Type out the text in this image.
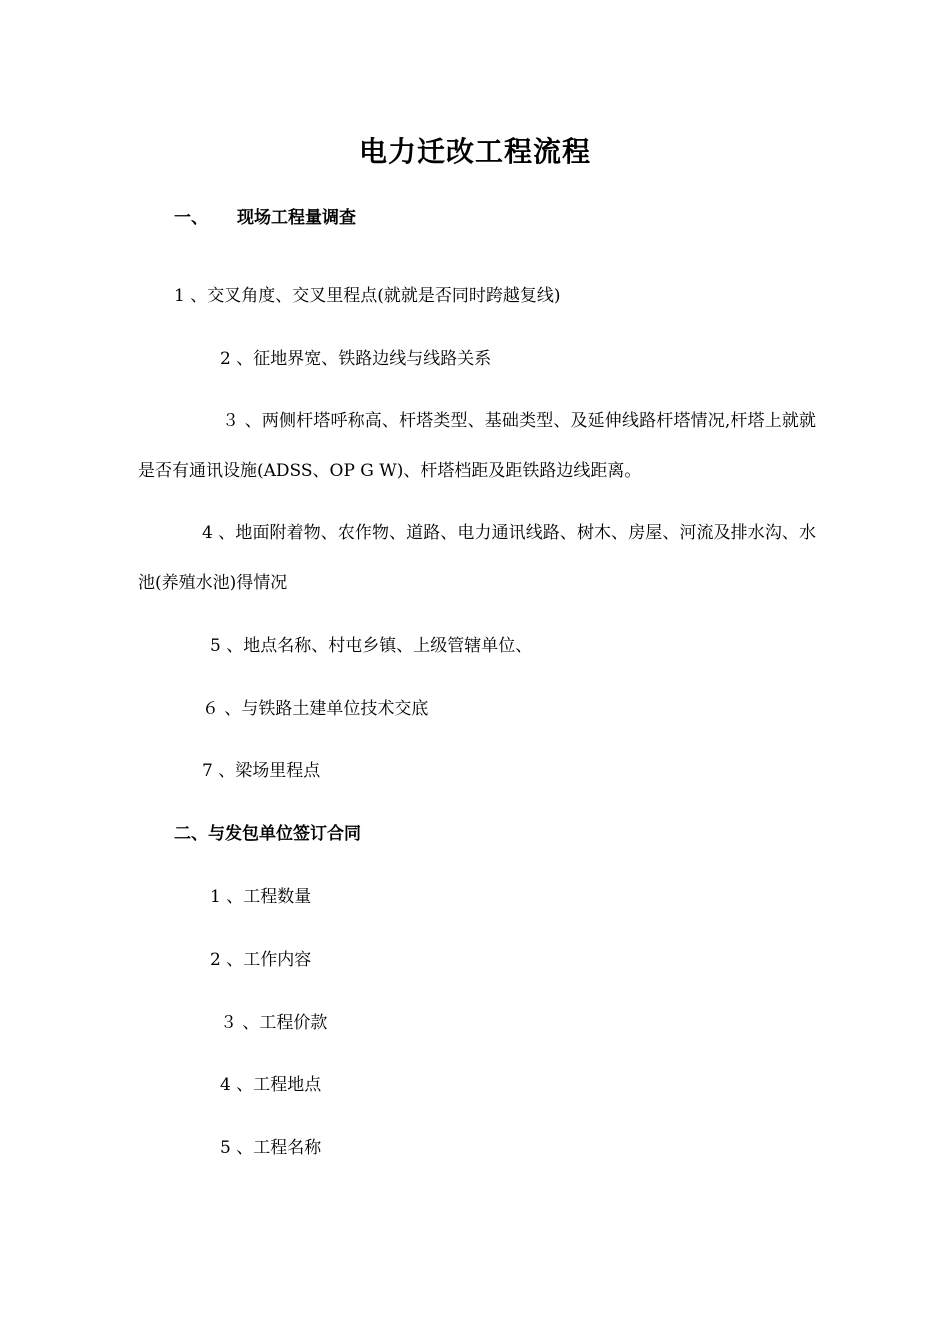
电力迁改工程流程
一、 现场工程量调查
1 、交叉角度、交叉里程点(就就是否同时跨越复线)
2 、征地界宽、铁路边线与线路关系
３ 、两侧杆塔呼称高、杆塔类型、基础类型、及延伸线路杆塔情况,杆塔上就就是否有通讯设施(ADSS、OP G W)、杆塔档距及距铁路边线距离。
4 、地面附着物、农作物、道路、电力通讯线路、树木、房屋、河流及排水沟、水池(养殖水池)得情况
5 、地点名称、村屯乡镇、上级管辖单位、
６ 、与铁路土建单位技术交底
7 、梁场里程点
二、与发包单位签订合同
1 、工程数量
2 、工作内容
３ 、工程价款
4 、工程地点
5 、工程名称
